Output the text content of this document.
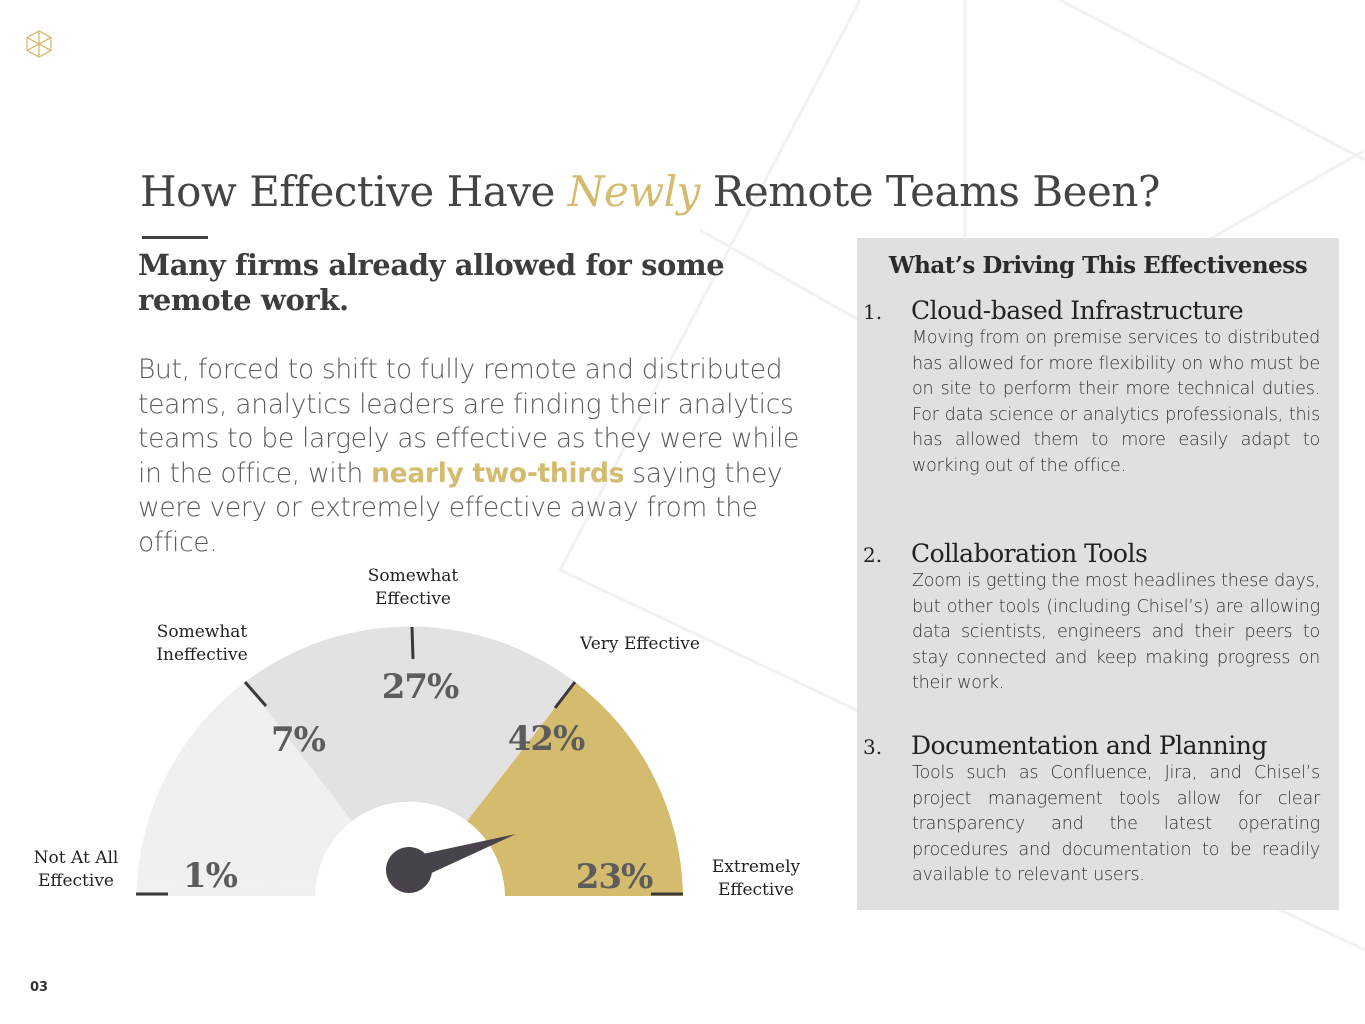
How Effective Have Newly Remote Teams Been?
Many firms already allowed for some remote work.
But, forced to shift to fully remote and distributed teams, analytics leaders are finding their analytics teams to be largely as effective as they were while in the office, with nearly two-thirds saying they were very or extremely effective away from the office.
1%
7%
27%
42%
23%
Not At All
Effective
Somewhat
Ineffective
Somewhat
Effective
Very Effective
Extremely
Effective
What’s Driving This Effectiveness
1. Cloud-based Infrastructure
Moving from on premise services to distributed has allowed for more flexibility on who must be on site to perform their more technical duties. For data science or analytics professionals, this has allowed them to more easily adapt to working out of the office.
2. Collaboration Tools
Zoom is getting the most headlines these days, but other tools (including Chisel’s) are allowing data scientists, engineers and their peers to stay connected and keep making progress on their work.
3. Documentation and Planning
Tools such as Confluence, Jira, and Chisel’s project management tools allow for clear transparency and the latest operating procedures and documentation to be readily available to relevant users.
03
